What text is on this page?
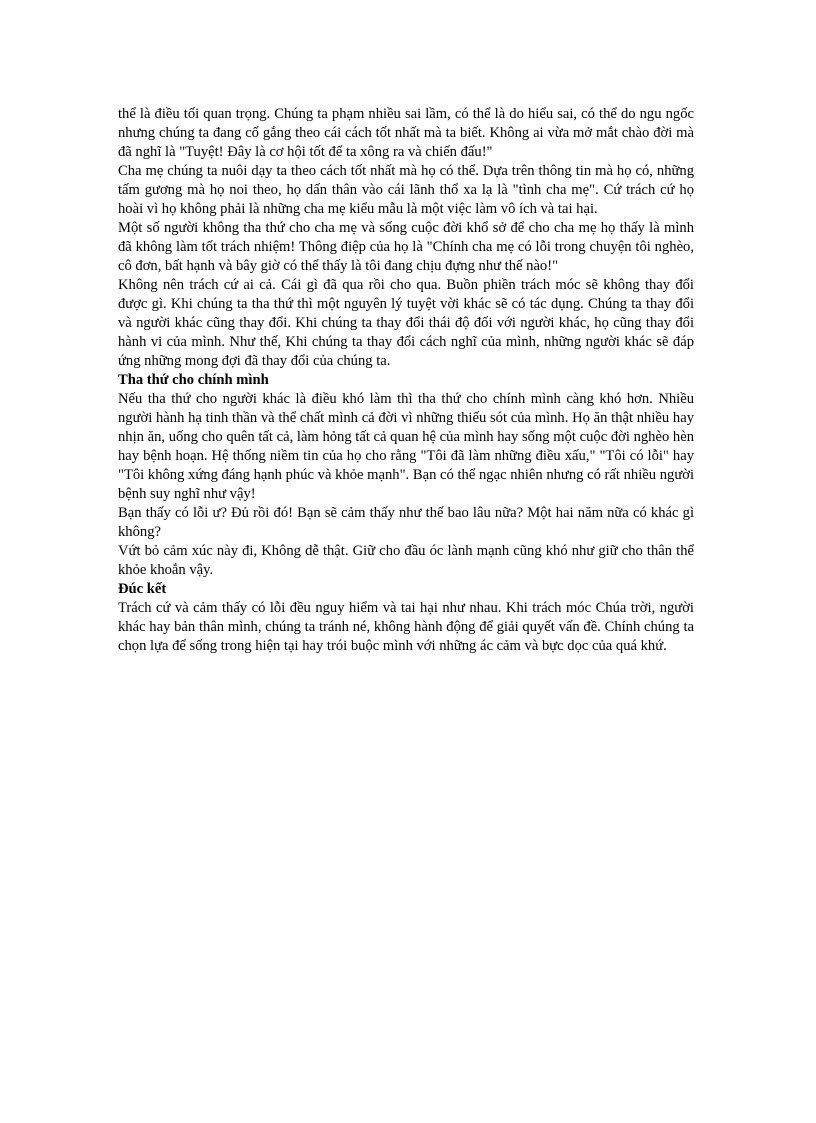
thể là điều tối quan trọng. Chúng ta phạm nhiều sai lầm, có thể là do hiểu sai, có thể do ngu ngốc nhưng chúng ta đang cố gắng theo cái cách tốt nhất mà ta biết. Không ai vừa mở mắt chào đời mà đã nghĩ là "Tuyệt! Đây là cơ hội tốt để ta xông ra và chiến đấu!"

Cha mẹ chúng ta nuôi dạy ta theo cách tốt nhất mà họ có thể. Dựa trên thông tin mà họ có, những tấm gương mà họ noi theo, họ dấn thân vào cái lãnh thổ xa lạ là "tình cha mẹ". Cứ trách cứ họ hoài vì họ không phải là những cha mẹ kiểu mẫu là một việc làm vô ích và tai hại.

Một số người không tha thứ cho cha mẹ và sống cuộc đời khổ sở để cho cha mẹ họ thấy là mình đã không làm tốt trách nhiệm! Thông điệp của họ là "Chính cha mẹ có lỗi trong chuyện tôi nghèo, cô đơn, bất hạnh và bây giờ có thể thấy là tôi đang chịu đựng như thế nào!"

Không nên trách cứ ai cả. Cái gì đã qua rồi cho qua. Buồn phiền trách móc sẽ không thay đổi được gì. Khi chúng ta tha thứ thì một nguyên lý tuyệt vời khác sẽ có tác dụng. Chúng ta thay đổi và người khác cũng thay đổi. Khi chúng ta thay đổi thái độ đối với người khác, họ cũng thay đổi hành vi của mình. Như thế, Khi chúng ta thay đổi cách nghĩ của mình, những người khác sẽ đáp ứng những mong đợi đã thay đổi của chúng ta.

Tha thứ cho chính mình

Nếu tha thứ cho người khác là điều khó làm thì tha thứ cho chính mình càng khó hơn. Nhiều người hành hạ tinh thần và thể chất mình cả đời vì những thiếu sót của mình. Họ ăn thật nhiều hay nhịn ăn, uống cho quên tất cả, làm hỏng tất cả quan hệ của mình hay sống một cuộc đời nghèo hèn hay bệnh hoạn. Hệ thống niềm tin của họ cho rằng "Tôi đã làm những điều xấu," "Tôi có lỗi" hay "Tôi không xứng đáng hạnh phúc và khỏe mạnh". Bạn có thể ngạc nhiên nhưng có rất nhiều người bệnh suy nghĩ như vậy!

Bạn thấy có lỗi ư? Đủ rồi đó! Bạn sẽ cảm thấy như thế bao lâu nữa? Một hai năm nữa có khác gì không?

Vứt bỏ cảm xúc này đi, Không dễ thật. Giữ cho đầu óc lành mạnh cũng khó như giữ cho thân thể khỏe khoắn vậy.

Đúc kết

Trách cứ và cảm thấy có lỗi đều nguy hiểm và tai hại như nhau. Khi trách móc Chúa trời, người khác hay bản thân mình, chúng ta tránh né, không hành động để giải quyết vấn đề. Chính chúng ta chọn lựa để sống trong hiện tại hay trói buộc mình với những ác cảm và bực dọc của quá khứ.
